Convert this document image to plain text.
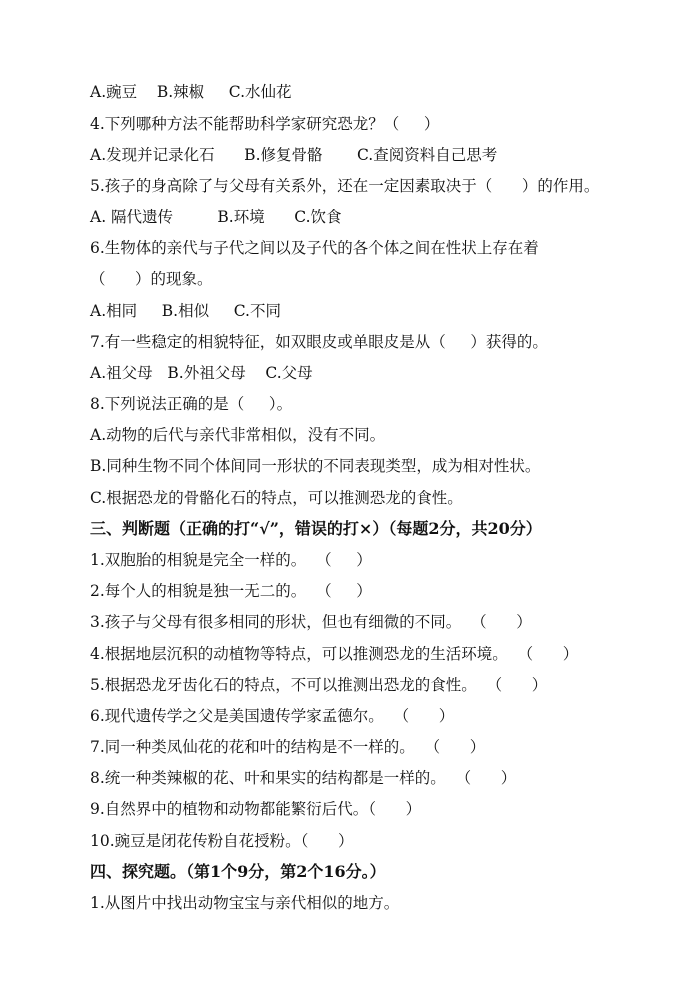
A.豌豆    B.辣椒     C.水仙花
4.下列哪种方法不能帮助科学家研究恐龙？（     ）
A.发现并记录化石      B.修复骨骼       C.查阅资料自己思考
5.孩子的身高除了与父母有关系外，还在一定因素取决于（      ）的作用。
A. 隔代遗传         B.环境      C.饮食
6.生物体的亲代与子代之间以及子代的各个体之间在性状上存在着
（      ）的现象。
A.相同     B.相似     C.不同
7.有一些稳定的相貌特征，如双眼皮或单眼皮是从（     ）获得的。
A.祖父母   B.外祖父母    C.父母
8.下列说法正确的是（     ）。
A.动物的后代与亲代非常相似，没有不同。
B.同种生物不同个体间同一形状的不同表现类型，成为相对性状。
C.根据恐龙的骨骼化石的特点，可以推测恐龙的食性。
三、判断题（正确的打“√”，错误的打×）（每题2分，共20分）
1.双胞胎的相貌是完全一样的。  （     ）
2.每个人的相貌是独一无二的。  （     ）
3.孩子与父母有很多相同的形状，但也有细微的不同。  （      ）
4.根据地层沉积的动植物等特点，可以推测恐龙的生活环境。  （      ）
5.根据恐龙牙齿化石的特点，不可以推测出恐龙的食性。  （      ）
6.现代遗传学之父是美国遗传学家孟德尔。  （      ）
7.同一种类凤仙花的花和叶的结构是不一样的。  （      ）
8.统一种类辣椒的花、叶和果实的结构都是一样的。  （      ）
9.自然界中的植物和动物都能繁衍后代。（      ）
10.豌豆是闭花传粉自花授粉。（      ）
四、探究题。（第1个9分，第2个16分。）
1.从图片中找出动物宝宝与亲代相似的地方。
